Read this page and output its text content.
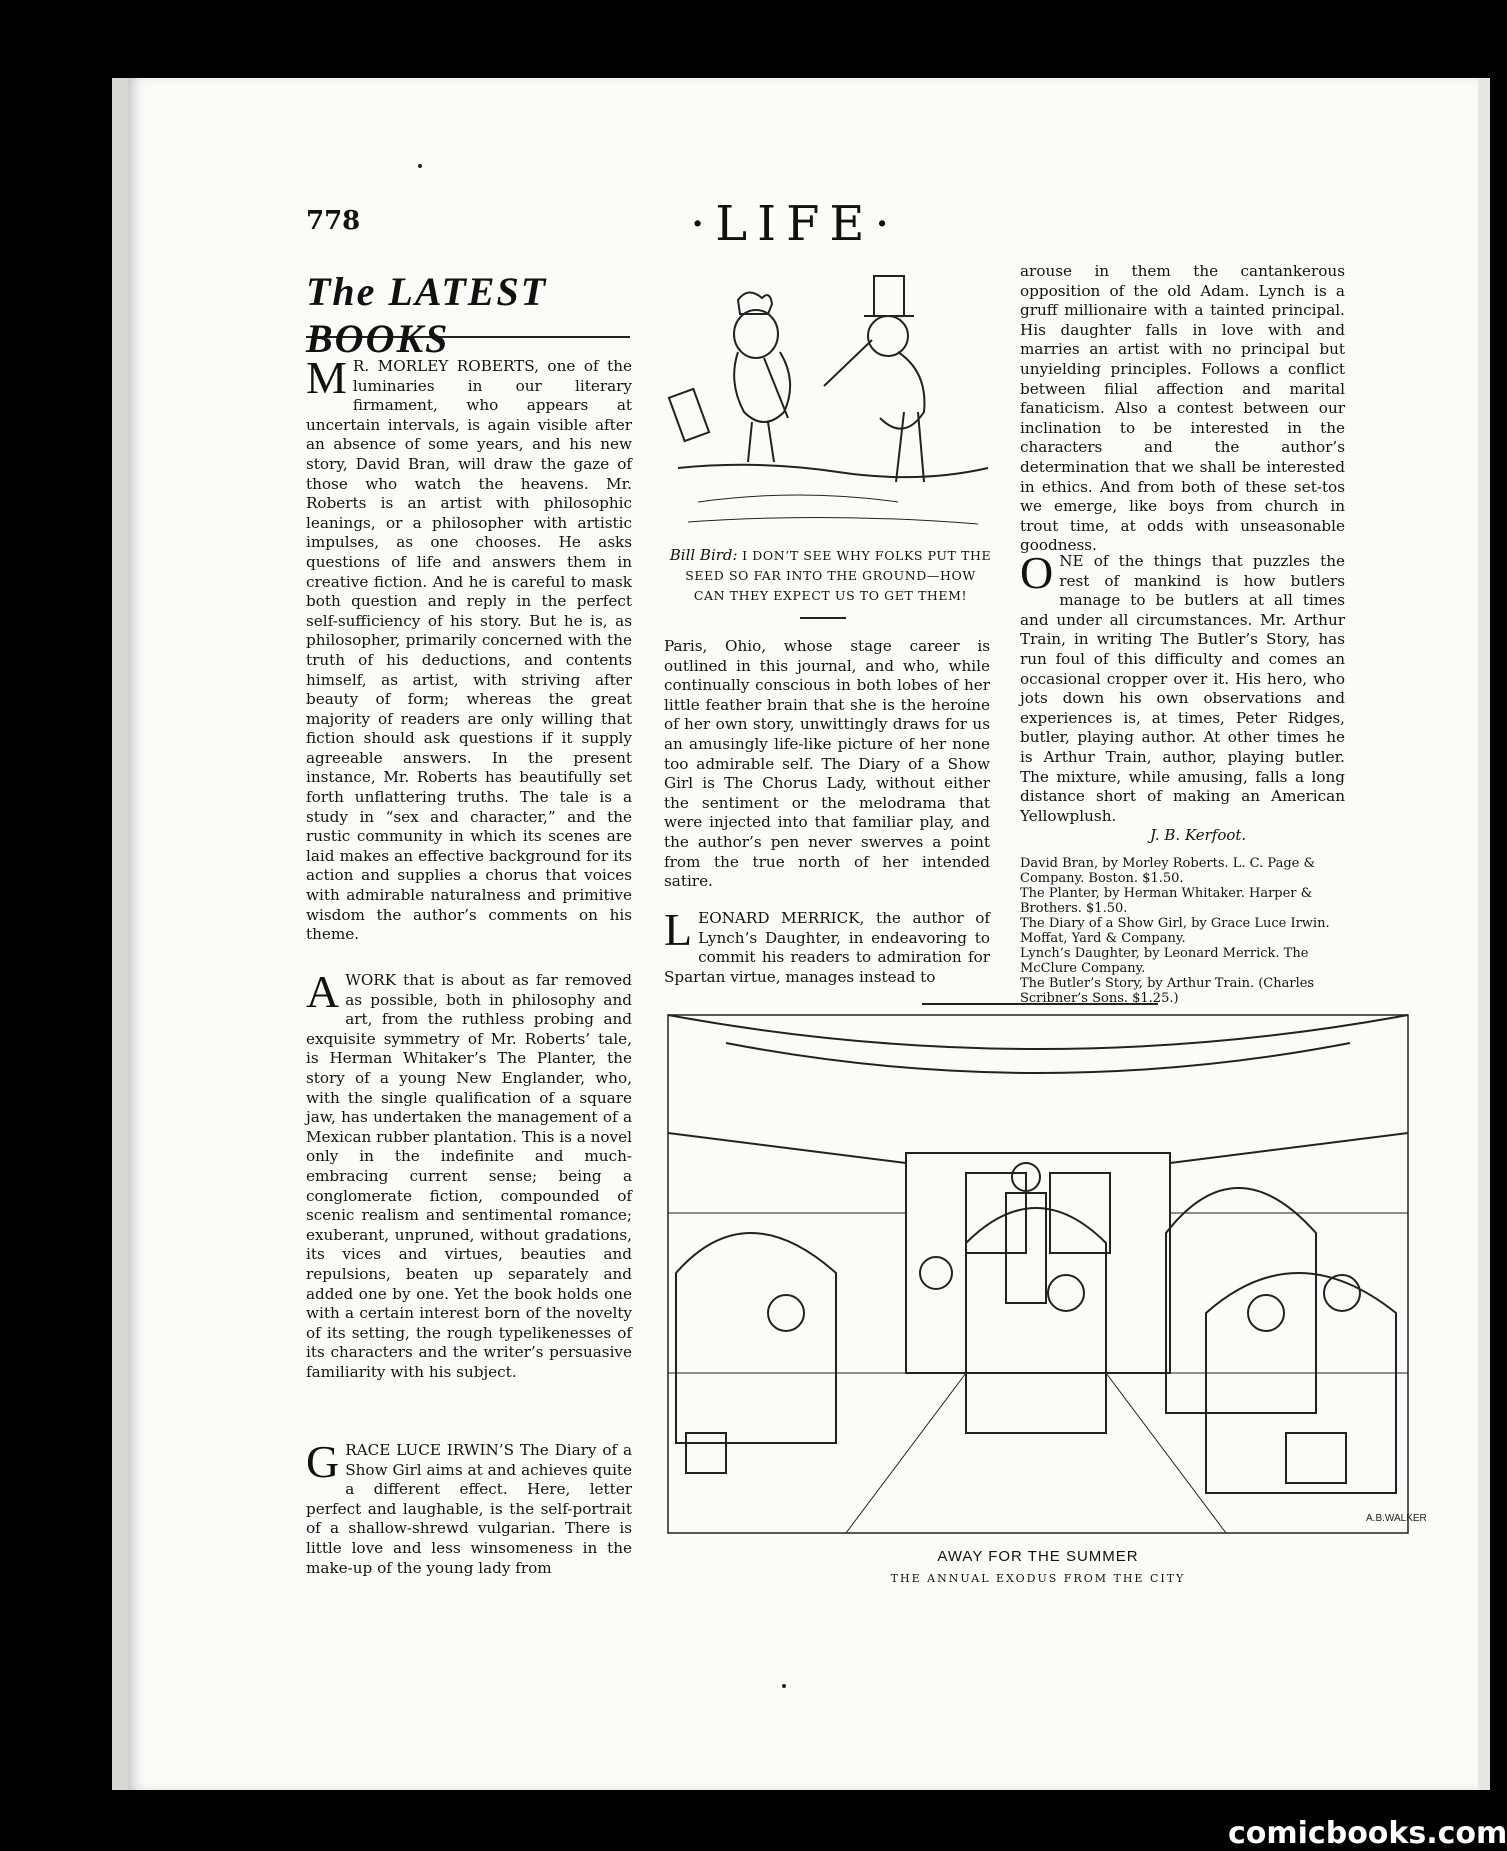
778	·LIFE·
The LATEST BOOKS

M R. MORLEY ROBERTS, one of the luminaries in our literary firmament, who appears at uncertain intervals, is again visible after an absence of some years, and his new story, David Bran, will draw the gaze of those who watch the heavens. Mr. Roberts is an artist with philosophic leanings, or a philosopher with artistic impulses, as one chooses. He asks questions of life and answers them in creative fiction. And he is careful to mask both question and reply in the perfect self-sufficiency of his story. But he is, as philosopher, primarily concerned with the truth of his deductions, and contents himself, as artist, with striving after beauty of form; whereas the great majority of readers are only willing that fiction should ask questions if it supply agreeable answers. In the present instance, Mr. Roberts has beautifully set forth unflattering truths. The tale is a study in “sex and character,” and the rustic community in which its scenes are laid makes an effective background for its action and supplies a chorus that voices with admirable naturalness and primitive wisdom the author’s comments on his theme.

AWORK that is about as far removed as possible, both in philosophy and art, from the ruthless probing and exquisite symmetry of Mr. Roberts’ tale, is Herman Whitaker’s The Planter, the story of a young New Englander, who, with the single qualification of a square jaw, has undertaken the management of a Mexican rubber plantation. This is a novel only in the indefinite and much-embracing current sense; being a conglomerate fiction, compounded of scenic realism and sentimental romance; exuberant, unpruned, without gradations, its vices and virtues, beauties and repulsions, beaten up separately and added one by one. Yet the book holds one with a certain interest born of the novelty of its setting, the rough typelikenesses of its characters and the writer’s persuasive familiarity with his subject.

GRACE LUCE IRWIN’S The Diary of a Show Girl aims at and achieves quite a different effect. Here, letter perfect and laughable, is the self-portrait of a shallow-shrewd vulgarian. There is little love and less winsomeness in the make-up of the young lady from

Bill Bird: I DON’T SEE WHY FOLKS PUT THE SEED SO FAR INTO THE GROUND—HOW CAN THEY EXPECT US TO GET THEM!

Paris, Ohio, whose stage career is outlined in this journal, and who, while continually conscious in both lobes of her little feather brain that she is the heroine of her own story, unwittingly draws for us an amusingly life-like picture of her none too admirable self. The Diary of a Show Girl is The Chorus Lady, without either the sentiment or the melodrama that were injected into that familiar play, and the author’s pen never swerves a point from the true north of her intended satire.

LEONARD MERRICK, the author of Lynch’s Daughter, in endeavoring to commit his readers to admiration for Spartan virtue, manages instead to

arouse in them the cantankerous opposition of the old Adam. Lynch is a gruff millionaire with a tainted principal. His daughter falls in love with and marries an artist with no principal but unyielding principles. Follows a conflict between filial affection and marital fanaticism. Also a contest between our inclination to be interested in the characters and the author’s determination that we shall be interested in ethics. And from both of these set-tos we emerge, like boys from church in trout time, at odds with unseasonable goodness.

ONE of the things that puzzles the rest of mankind is how butlers manage to be butlers at all times and under all circumstances. Mr. Arthur Train, in writing The Butler’s Story, has run foul of this difficulty and comes an occasional cropper over it. His hero, who jots down his own observations and experiences is, at times, Peter Ridges, butler, playing author. At other times he is Arthur Train, author, playing butler. The mixture, while amusing, falls a long distance short of making an American Yellowplush.

J. B. Kerfoot.

David Bran, by Morley Roberts. L. C. Page & Company. Boston. $1.50.

The Planter, by Herman Whitaker. Harper & Brothers. $1.50.

The Diary of a Show Girl, by Grace Luce Irwin. Moffat, Yard & Company.

Lynch’s Daughter, by Leonard Merrick. The McClure Company.

The Butler’s Story, by Arthur Train. (Charles Scribner’s Sons. $1.25.)

A.B.WALKER
AWAY FOR THE SUMMER
THE ANNUAL EXODUS FROM THE CITY
comicbooks.com
